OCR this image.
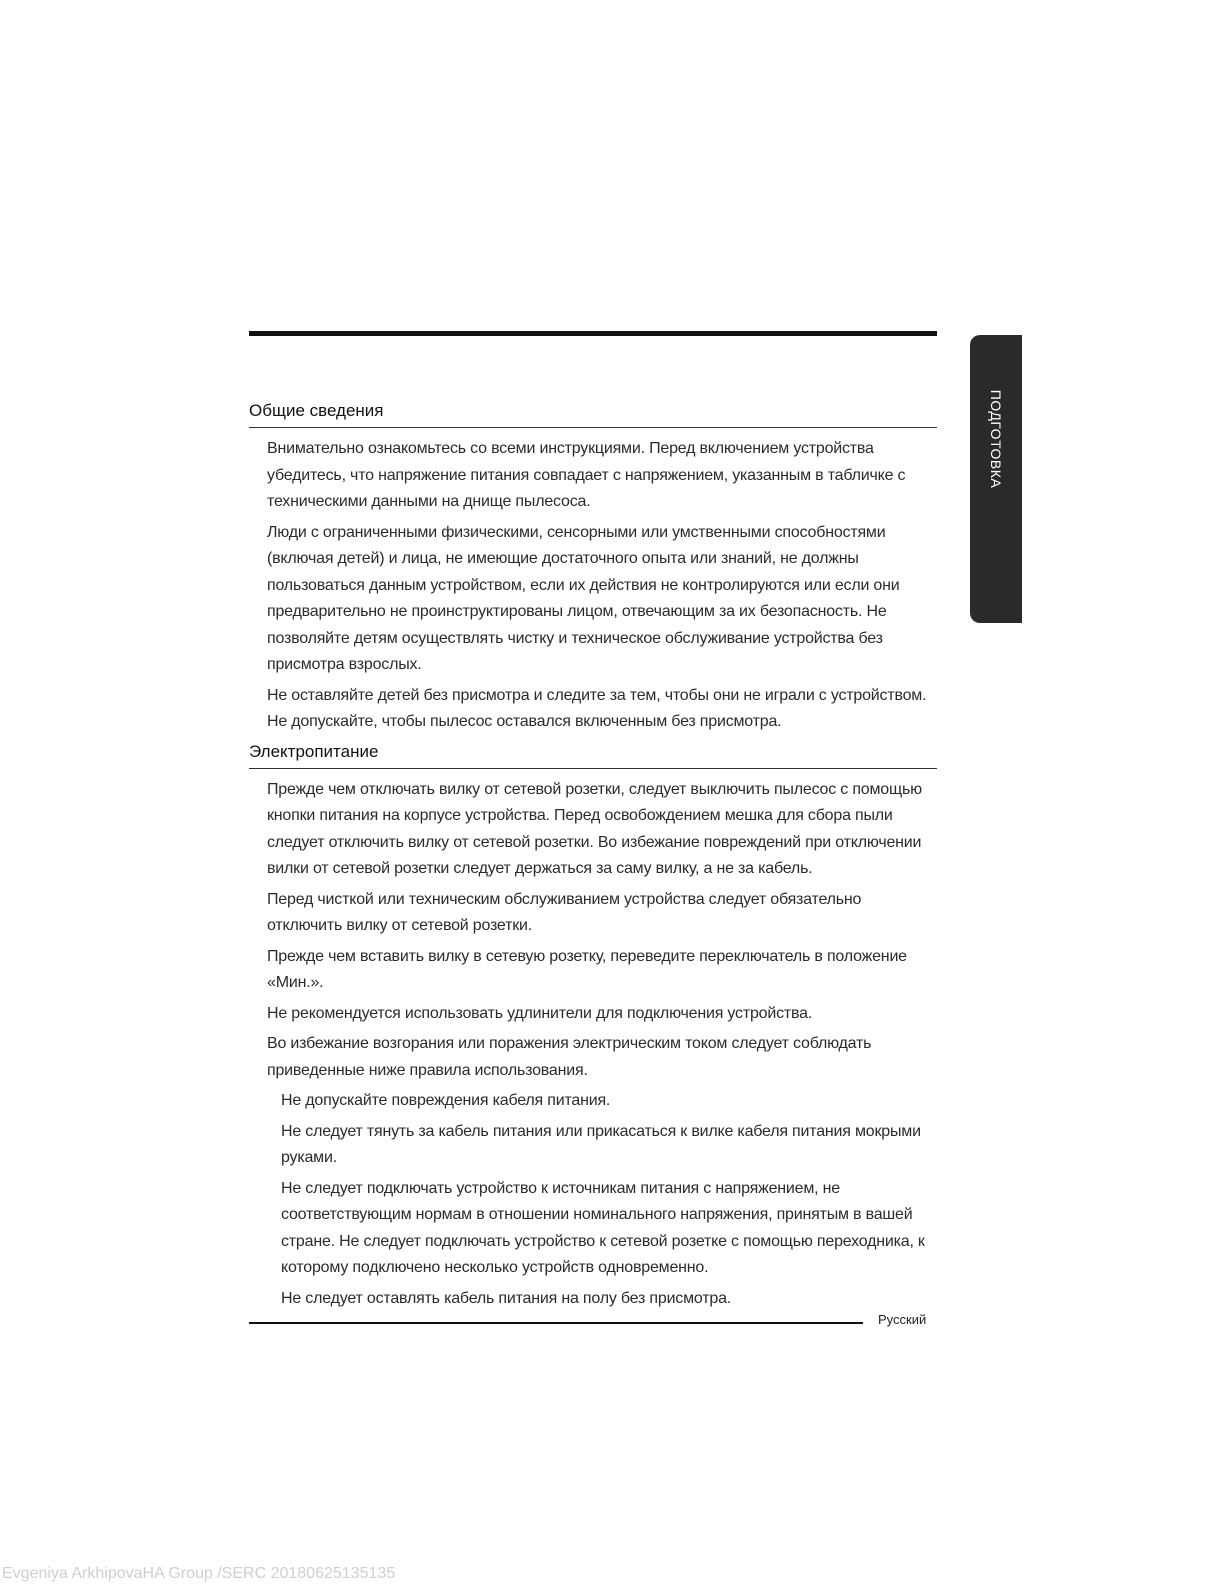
ПОДГОТОВКА
Общие сведения

Внимательно ознакомьтесь со всеми инструкциями. Перед включением устройства убедитесь, что напряжение питания совпадает с напряжением, указанным в табличке с техническими данными на днище пылесоса.

Люди с ограниченными физическими, сенсорными или умственными способностями (включая детей) и лица, не имеющие достаточного опыта или знаний, не должны пользоваться данным устройством, если их действия не контролируются или если они предварительно не проинструктированы лицом, отвечающим за их безопасность. Не позволяйте детям осуществлять чистку и техническое обслуживание устройства без присмотра взрослых.

Не оставляйте детей без присмотра и следите за тем, чтобы они не играли с устройством. Не допускайте, чтобы пылесос оставался включенным без присмотра.

Электропитание

Прежде чем отключать вилку от сетевой розетки, следует выключить пылесос с помощью кнопки питания на корпусе устройства. Перед освобождением мешка для сбора пыли следует отключить вилку от сетевой розетки. Во избежание повреждений при отключении вилки от сетевой розетки следует держаться за саму вилку, а не за кабель.

Перед чисткой или техническим обслуживанием устройства следует обязательно отключить вилку от сетевой розетки.

Прежде чем вставить вилку в сетевую розетку, переведите переключатель в положение «Мин.».

Не рекомендуется использовать удлинители для подключения устройства.

Во избежание возгорания или поражения электрическим током следует соблюдать приведенные ниже правила использования.

Не допускайте повреждения кабеля питания.

Не следует тянуть за кабель питания или прикасаться к вилке кабеля питания мокрыми руками.

Не следует подключать устройство к источникам питания с напряжением, не соответствующим нормам в отношении номинального напряжения, принятым в вашей стране. Не следует подключать устройство к сетевой розетке с помощью переходника, к которому подключено несколько устройств одновременно.

Не следует оставлять кабель питания на полу без присмотра.

Русский
Evgeniya ArkhipovaHA Group /SERC 20180625135135
